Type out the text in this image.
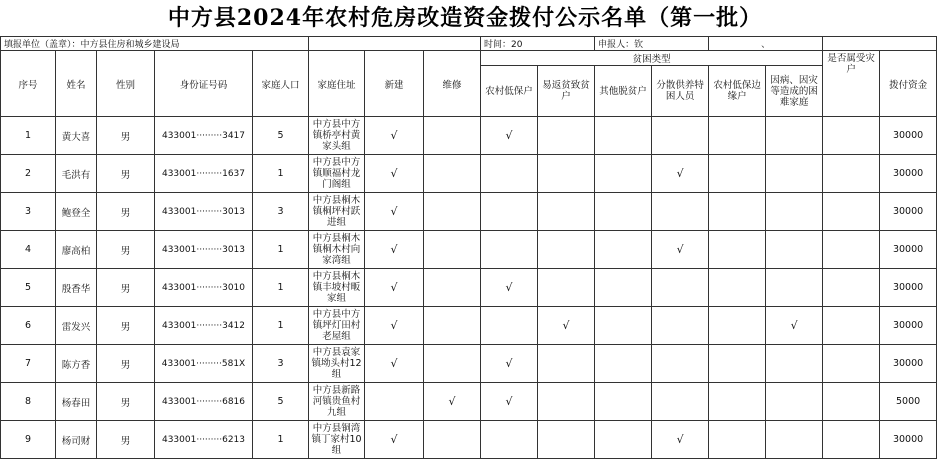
中方县2024年农村危房改造资金拨付公示名单（第一批）
填报单位（盖章）：中方县住房和城乡建设局								时间：20		申报人：钦		、			
序号	姓名	性别	身份证号码	家庭人口	家庭住址	新建	维修	贫困类型						是否属受灾户	拨付资金
								农村低保户	易返贫致贫户	其他脱贫户	分散供养特困人员	农村低保边缘户	因病、因灾等造成的困难家庭		
1	黄大喜	男	433001·········3417	5	中方县中方镇桥亭村黄家头组	√		√							30000
2	毛洪有	男	433001·········1637	1	中方县中方镇顺福村龙门阁组	√					√				30000
3	鲍登全	男	433001·········3013	3	中方县桐木镇桐坪村跃进组	√									30000
4	廖高柏	男	433001·········3013	1	中方县桐木镇桐木村向家湾组	√					√				30000
5	殷香华	男	433001·········3010	1	中方县桐木镇丰坡村畈家组	√		√							30000
6	雷发兴	男	433001·········3412	1	中方县中方镇坪灯田村老屋组	√			√				√		30000
7	陈方香	男	433001·········581X	3	中方县袁家镇坳头村12组	√		√							30000
8	杨春田	男	433001·········6816	5	中方县新路河镇贵鱼村九组		√	√							5000
9	杨司财	男	433001·········6213	1	中方县铜湾镇丁家村10组	√					√				30000
